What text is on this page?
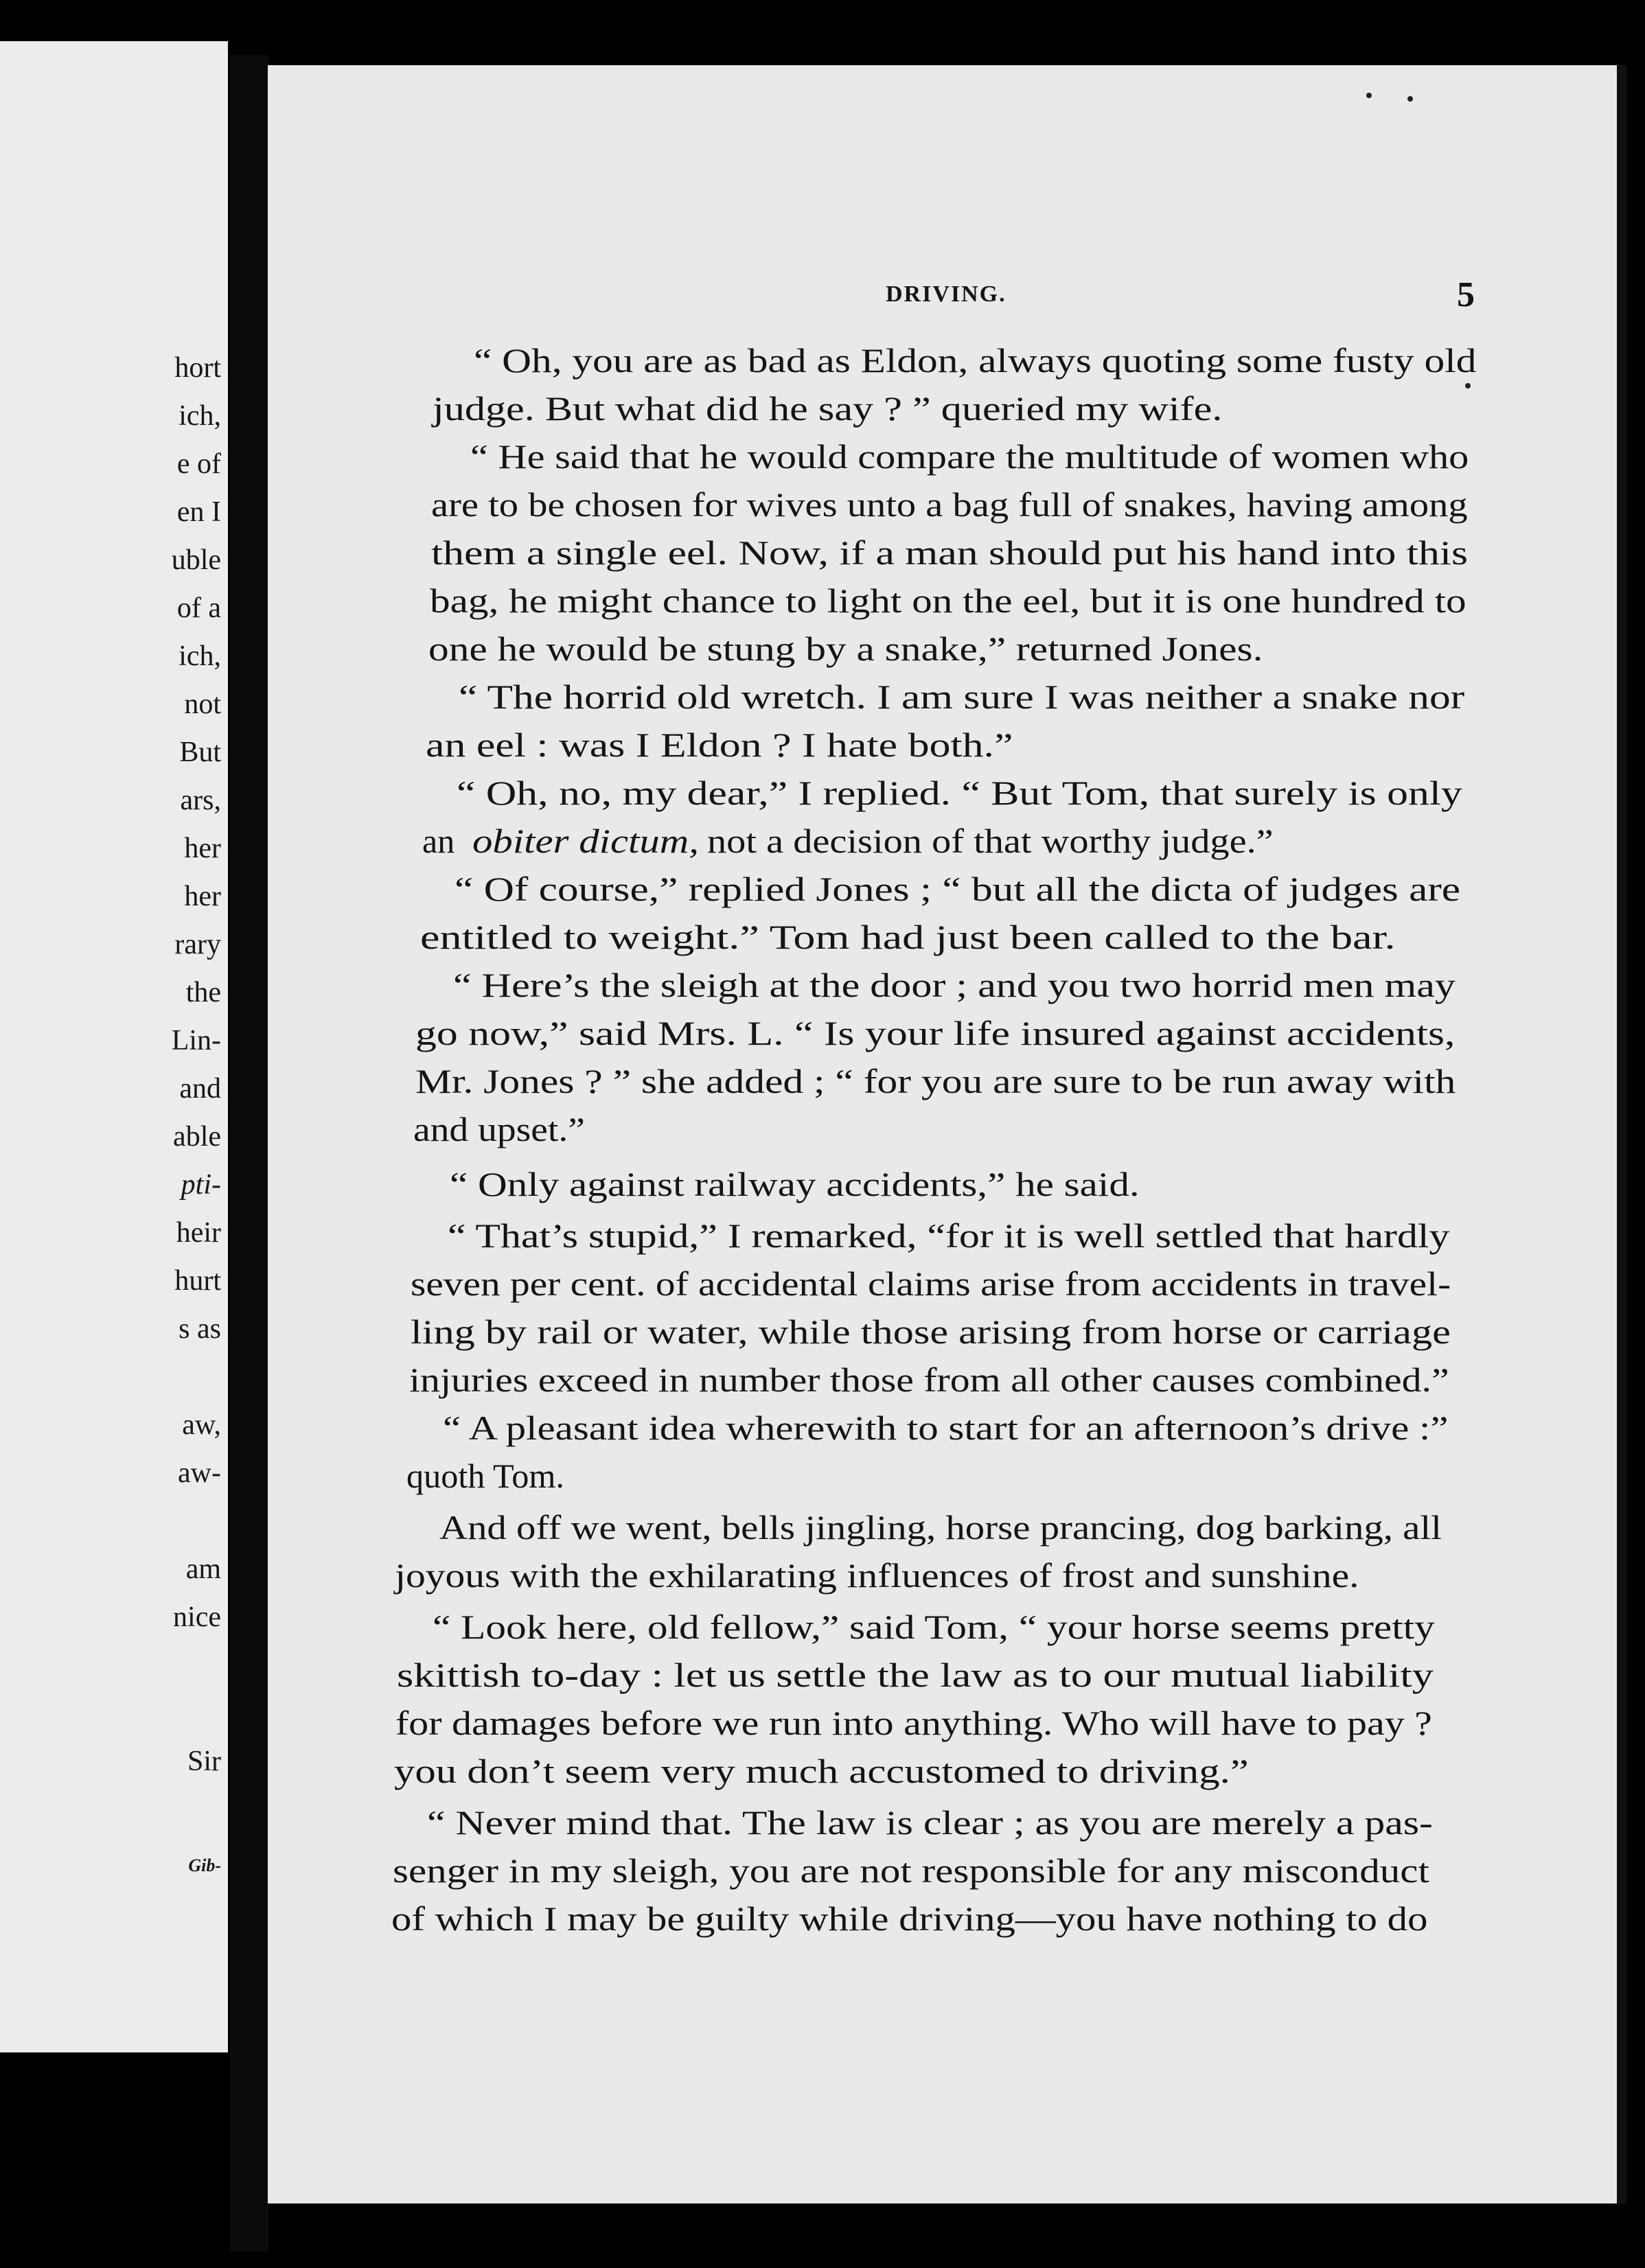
hort
ich,
e of
en I
uble
of a
ich,
not
But
ars,
her
her
rary
the
Lin-
and
able
pti-
heir
hurt
s as
aw,
aw-
am
nice
Sir
Gib-
DRIVING.	5
“ Oh, you are as bad as Eldon, always quoting some fusty old
judge. But what did he say ? ” queried my wife.
“ He said that he would compare the multitude of women who
are to be chosen for wives unto a bag full of snakes, having among
them a single eel. Now, if a man should put his hand into this
bag, he might chance to light on the eel, but it is one hundred to
one he would be stung by a snake,” returned Jones.
“ The horrid old wretch. I am sure I was neither a snake nor
an eel : was I Eldon ? I hate both.”
“ Oh, no, my dear,” I replied. “ But Tom, that surely is only
an obiter dictum, not a decision of that worthy judge.”
“ Of course,” replied Jones ; “ but all the dicta of judges are
entitled to weight.” Tom had just been called to the bar.
“ Here’s the sleigh at the door ; and you two horrid men may
go now,” said Mrs. L. “ Is your life insured against accidents,
Mr. Jones ? ” she added ; “ for you are sure to be run away with
and upset.”
“ Only against railway accidents,” he said.
“ That’s stupid,” I remarked, “for it is well settled that hardly
seven per cent. of accidental claims arise from accidents in travel-
ling by rail or water, while those arising from horse or carriage
injuries exceed in number those from all other causes combined.”
“ A pleasant idea wherewith to start for an afternoon’s drive :”
quoth Tom.
And off we went, bells jingling, horse prancing, dog barking, all
joyous with the exhilarating influences of frost and sunshine.
“ Look here, old fellow,” said Tom, “ your horse seems pretty
skittish to-day : let us settle the law as to our mutual liability
for damages before we run into anything. Who will have to pay ?
you don’t seem very much accustomed to driving.”
“ Never mind that. The law is clear ; as you are merely a pas-
senger in my sleigh, you are not responsible for any misconduct
of which I may be guilty while driving—you have nothing to do
